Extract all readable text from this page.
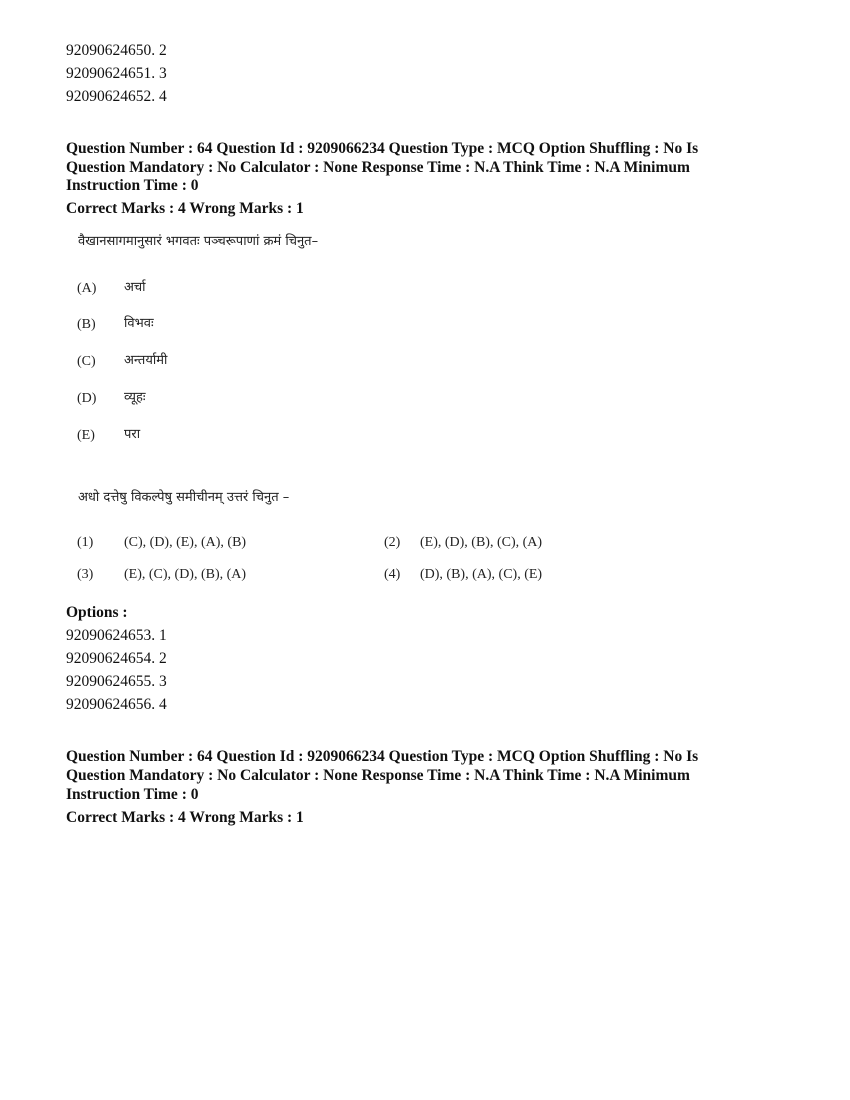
92090624650. 2
92090624651. 3
92090624652. 4
Question Number : 64 Question Id : 9209066234 Question Type : MCQ Option Shuffling : No Is
Question Mandatory : No Calculator : None Response Time : N.A Think Time : N.A Minimum
Instruction Time : 0
Correct Marks : 4 Wrong Marks : 1
वैखानसागमानुसारं भगवतः पञ्चरूपाणां क्रमं चिनुत–
(A) अर्चा
(B) विभवः
(C) अन्तर्यामी
(D) व्यूहः
(E) परा
अधो दत्तेषु विकल्पेषु समीचीनम् उत्तरं चिनुत –
(1) (C), (D), (E), (A), (B)	(2) (E), (D), (B), (C), (A)
(3) (E), (C), (D), (B), (A)	(4) (D), (B), (A), (C), (E)
Options :
92090624653. 1
92090624654. 2
92090624655. 3
92090624656. 4
Question Number : 64 Question Id : 9209066234 Question Type : MCQ Option Shuffling : No Is
Question Mandatory : No Calculator : None Response Time : N.A Think Time : N.A Minimum
Instruction Time : 0
Correct Marks : 4 Wrong Marks : 1
